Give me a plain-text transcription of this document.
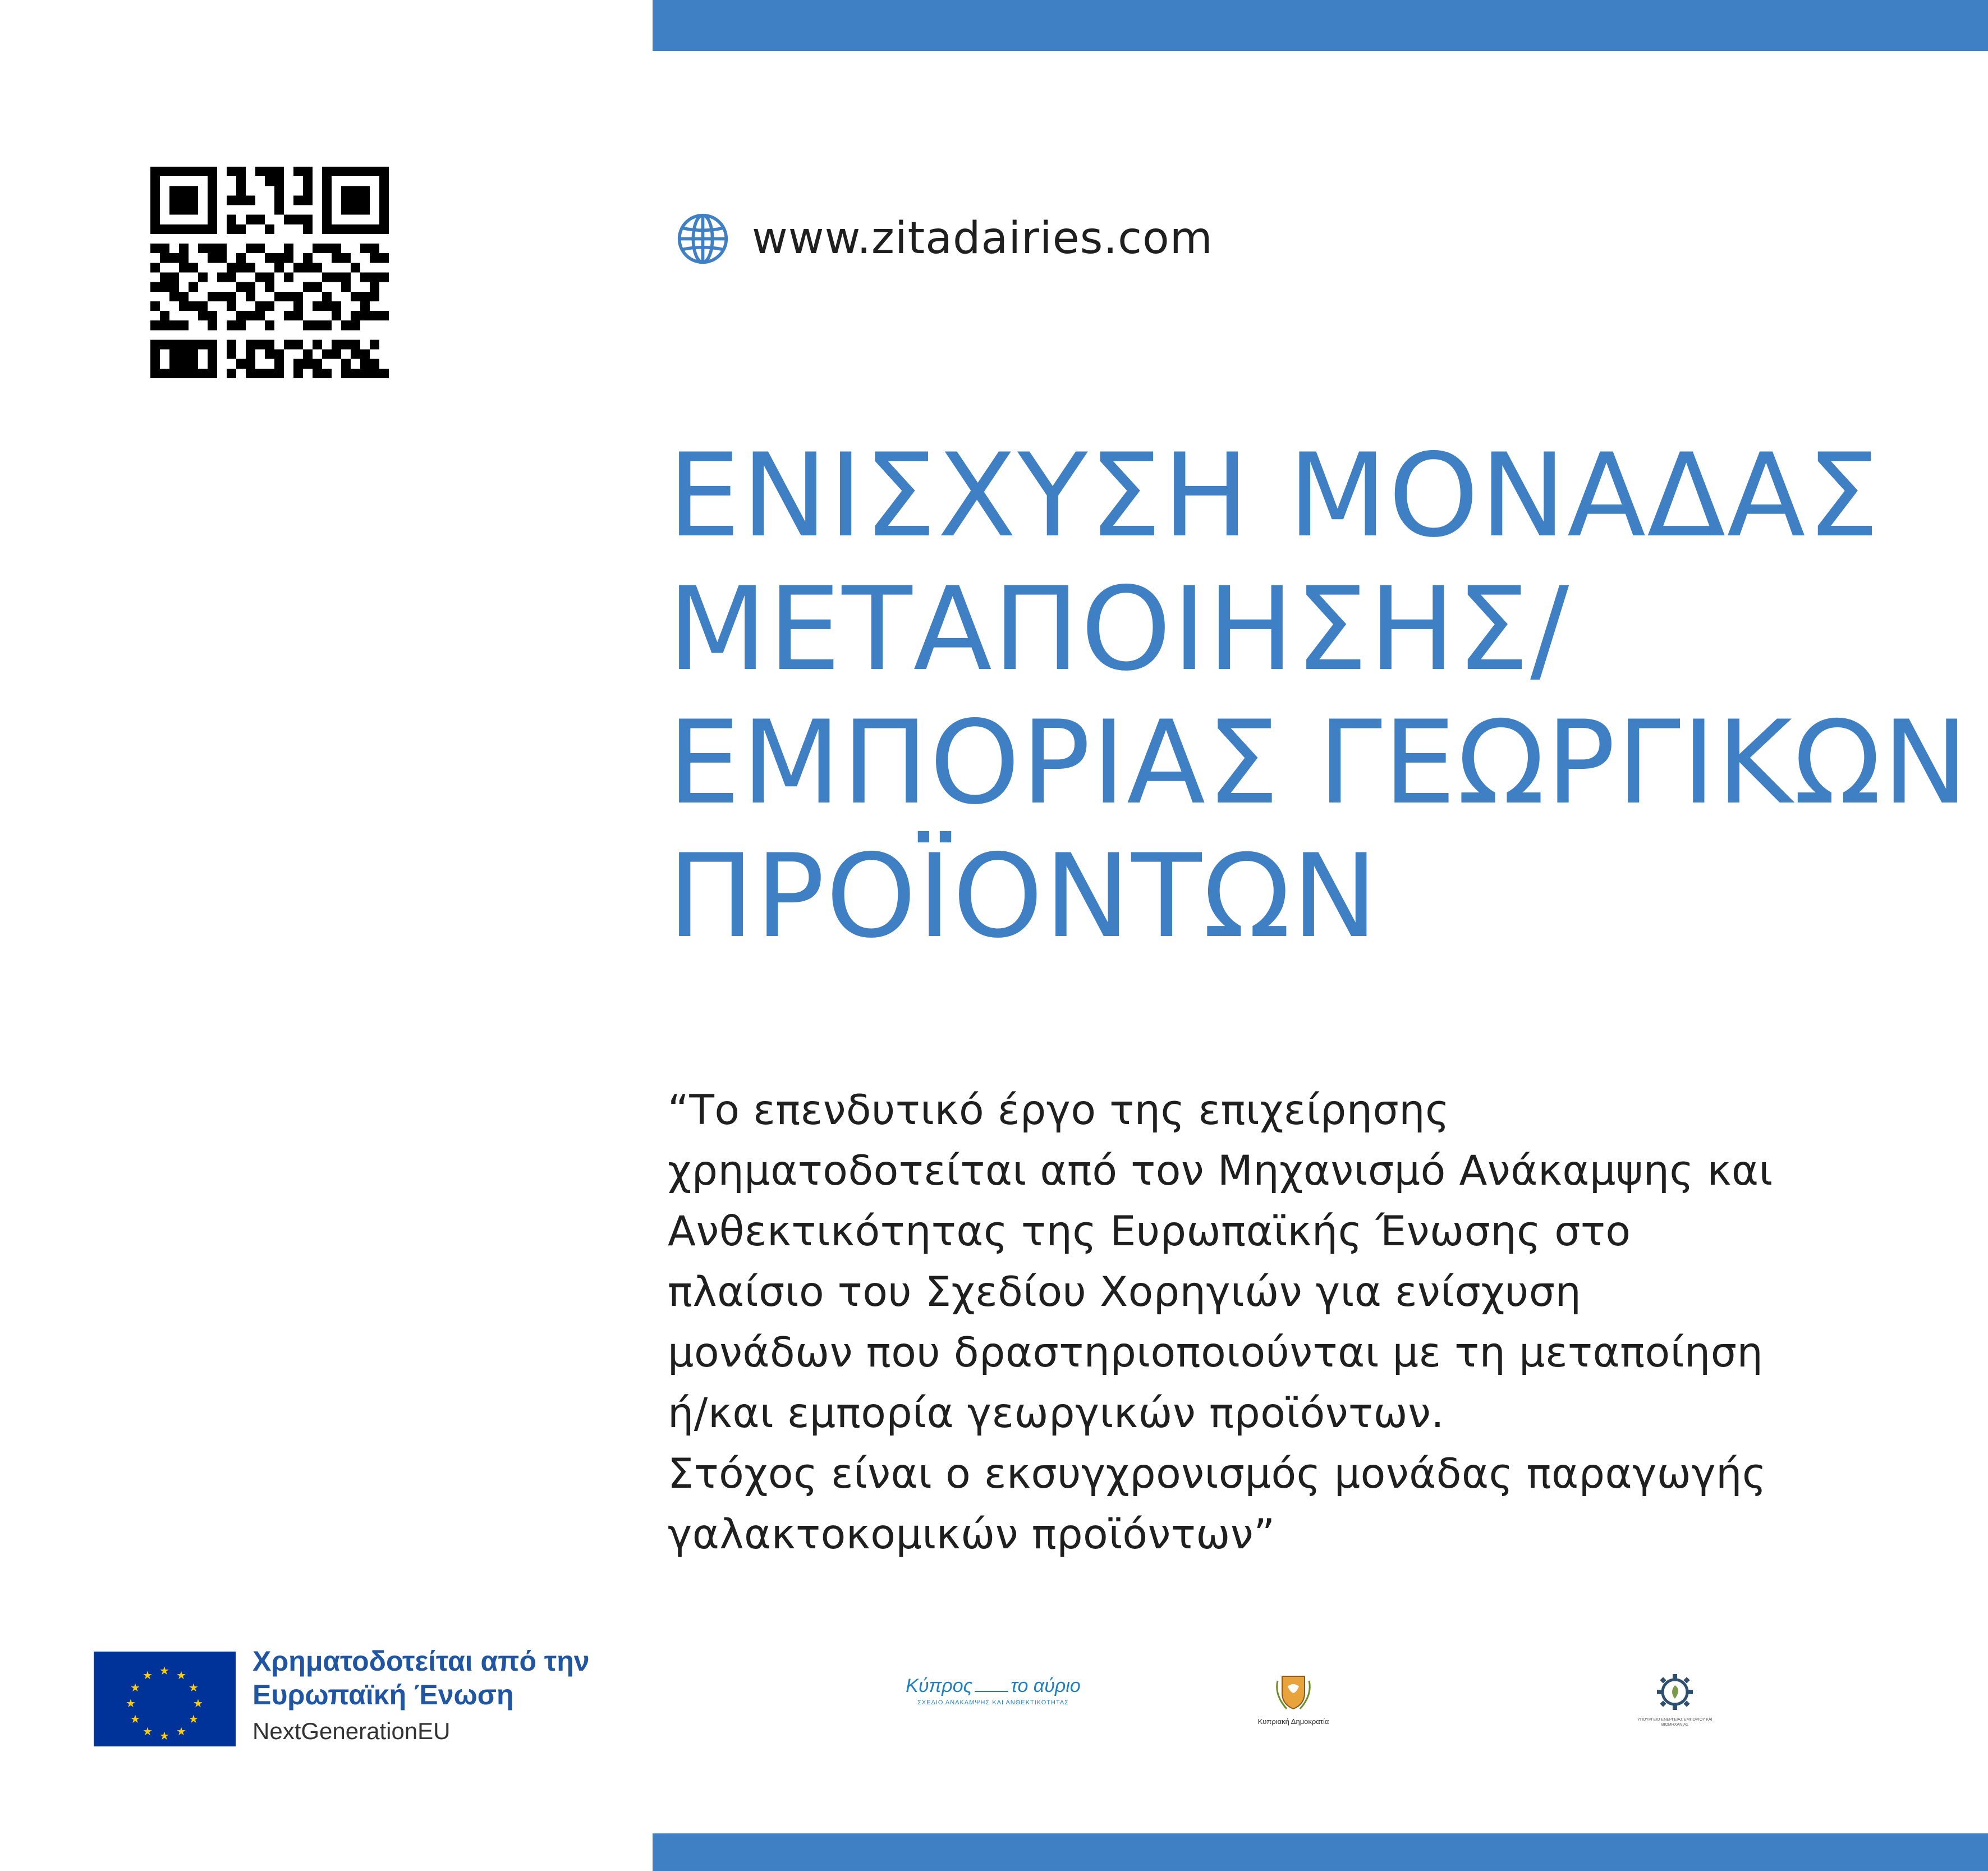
www.zitadairies.com
ΕΝΙΣΧΥΣΗ ΜΟΝΑΔΑΣ
ΜΕΤΑΠΟΙΗΣΗΣ/
ΕΜΠΟΡΙΑΣ ΓΕΩΡΓΙΚΩΝ
ΠΡΟΪΟΝΤΩΝ
“Το επενδυτικό έργο της επιχείρησης
χρηματοδοτείται από τον Μηχανισμό Ανάκαμψης και
Ανθεκτικότητας της Ευρωπαϊκής Ένωσης στο
πλαίσιο του Σχεδίου Χορηγιών για ενίσχυση
μονάδων που δραστηριοποιούνται με τη μεταποίηση
ή/και εμπορία γεωργικών προϊόντων.
Στόχος είναι ο εκσυγχρονισμός μονάδας παραγωγής
γαλακτοκομικών προϊόντων”
★ ★
★
★
★
★
★
★
★
★
★
★	Χρηματοδοτείται από την
Ευρωπαϊκή Ένωση
NextGenerationEU
Κύπρος το αύριο
ΣΧΕΔΙΟ ΑΝΑΚΑΜΨΗΣ ΚΑΙ ΑΝΘΕΚΤΙΚΟΤΗΤΑΣ
Κυπριακή Δημοκρατία	ΥΠΟΥΡΓΕΙΟ ΕΝΕΡΓΕΙΑΣ ΕΜΠΟΡΙΟΥ ΚΑΙ ΒΙΟΜΗΧΑΝΙΑΣ
